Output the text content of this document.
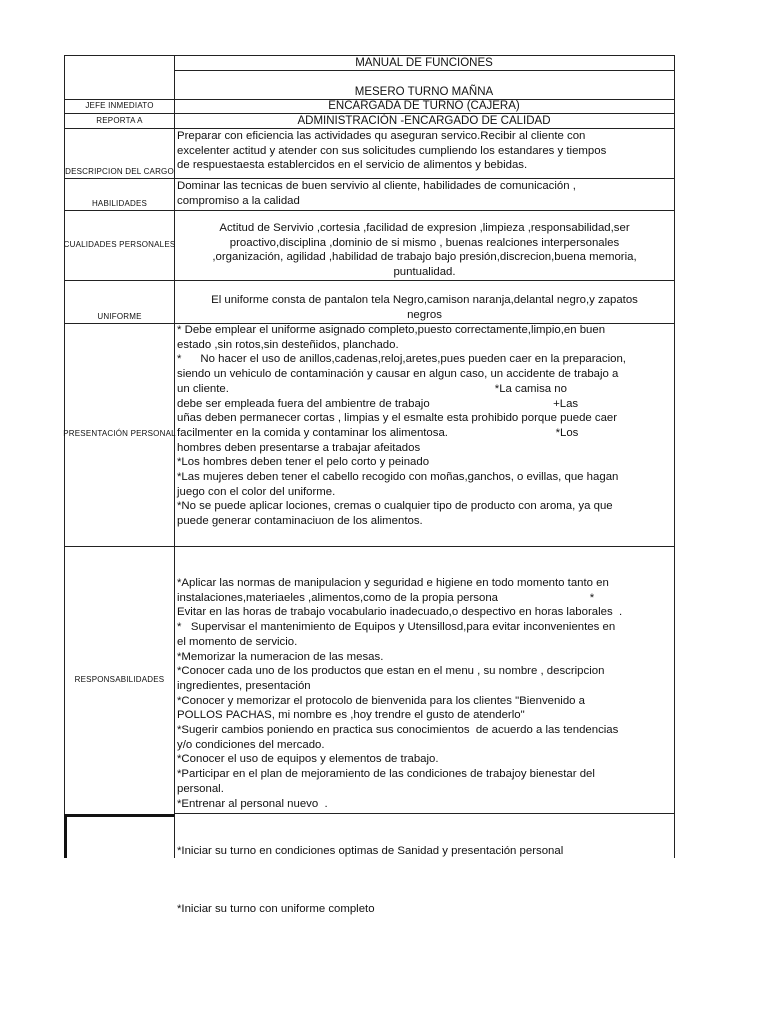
MANUAL DE FUNCIONES
MESERO TURNO MAÑNA
JEFE INMEDIATO	ENCARGADA DE TURNO (CAJERA)
REPORTA A	ADMINISTRACIÓN -ENCARGADO DE CALIDAD
DESCRIPCION DEL CARGO
Preparar con eficiencia las actividades qu aseguran servico.Recibir al cliente con
excelenter actitud y atender con sus solicitudes cumpliendo los estandares y tiempos
de respuestaesta establercidos en el servicio de alimentos y bebidas.
HABILIDADES
Dominar las tecnicas de buen servivio al cliente, habilidades de comunicación ,
compromiso a la calidad
CUALIDADES PERSONALES
Actitud de Servivio ,cortesia ,facilidad de expresion ,limpieza ,responsabilidad,ser
proactivo,disciplina ,dominio de si mismo , buenas realciones interpersonales
,organización, agilidad ,habilidad de trabajo bajo presión,discrecion,buena memoria,
puntualidad.
UNIFORME
El uniforme consta de pantalon tela Negro,camison naranja,delantal negro,y zapatos
negros
PRESENTACIÓN PERSONAL
* Debe emplear el uniforme asignado completo,puesto correctamente,limpio,en buen
estado ,sin rotos,sin desteñidos, planchado.
*      No hacer el uso de anillos,cadenas,reloj,aretes,pues pueden caer en la preparacion,
siendo un vehiculo de contaminación y causar en algun caso, un accidente de trabajo a
un cliente.                                                                                    *La camisa no
debe ser empleada fuera del ambientre de trabajo                                       +Las
uñas deben permanecer cortas , limpias y el esmalte esta prohibido porque puede caer
facilmenter en la comida y contaminar los alimentosa.                                  *Los
hombres deben presentarse a trabajar afeitados
*Los hombres deben tener el pelo corto y peinado
*Las mujeres deben tener el cabello recogido con moñas,ganchos, o evillas, que hagan
juego con el color del uniforme.
*No se puede aplicar lociones, cremas o cualquier tipo de producto con aroma, ya que
puede generar contaminaciuon de los alimentos.
RESPONSABILIDADES
*Aplicar las normas de manipulacion y seguridad e higiene en todo momento tanto en
instalaciones,materiaeles ,alimentos,como de la propia persona                             *
Evitar en las horas de trabajo vocabulario inadecuado,o despectivo en horas laborales  .
*   Supervisar el mantenimiento de Equipos y Utensillosd,para evitar inconvenientes en
el momento de servicio.
*Memorizar la numeracion de las mesas.
*Conocer cada uno de los productos que estan en el menu , su nombre , descripcion
ingredientes, presentación
*Conocer y memorizar el protocolo de bienvenida para los clientes "Bienvenido a
POLLOS PACHAS, mi nombre es ,hoy trendre el gusto de atenderlo"
*Sugerir cambios poniendo en practica sus conocimientos  de acuerdo a las tendencias
y/o condiciones del mercado.
*Conocer el uso de equipos y elementos de trabajo.
*Participar en el plan de mejoramiento de las condiciones de trabajoy bienestar del
personal.
*Entrenar al personal nuevo  .

*Iniciar su turno en condiciones optimas de Sanidad y presentación personal

*Iniciar su turno con uniforme completo
